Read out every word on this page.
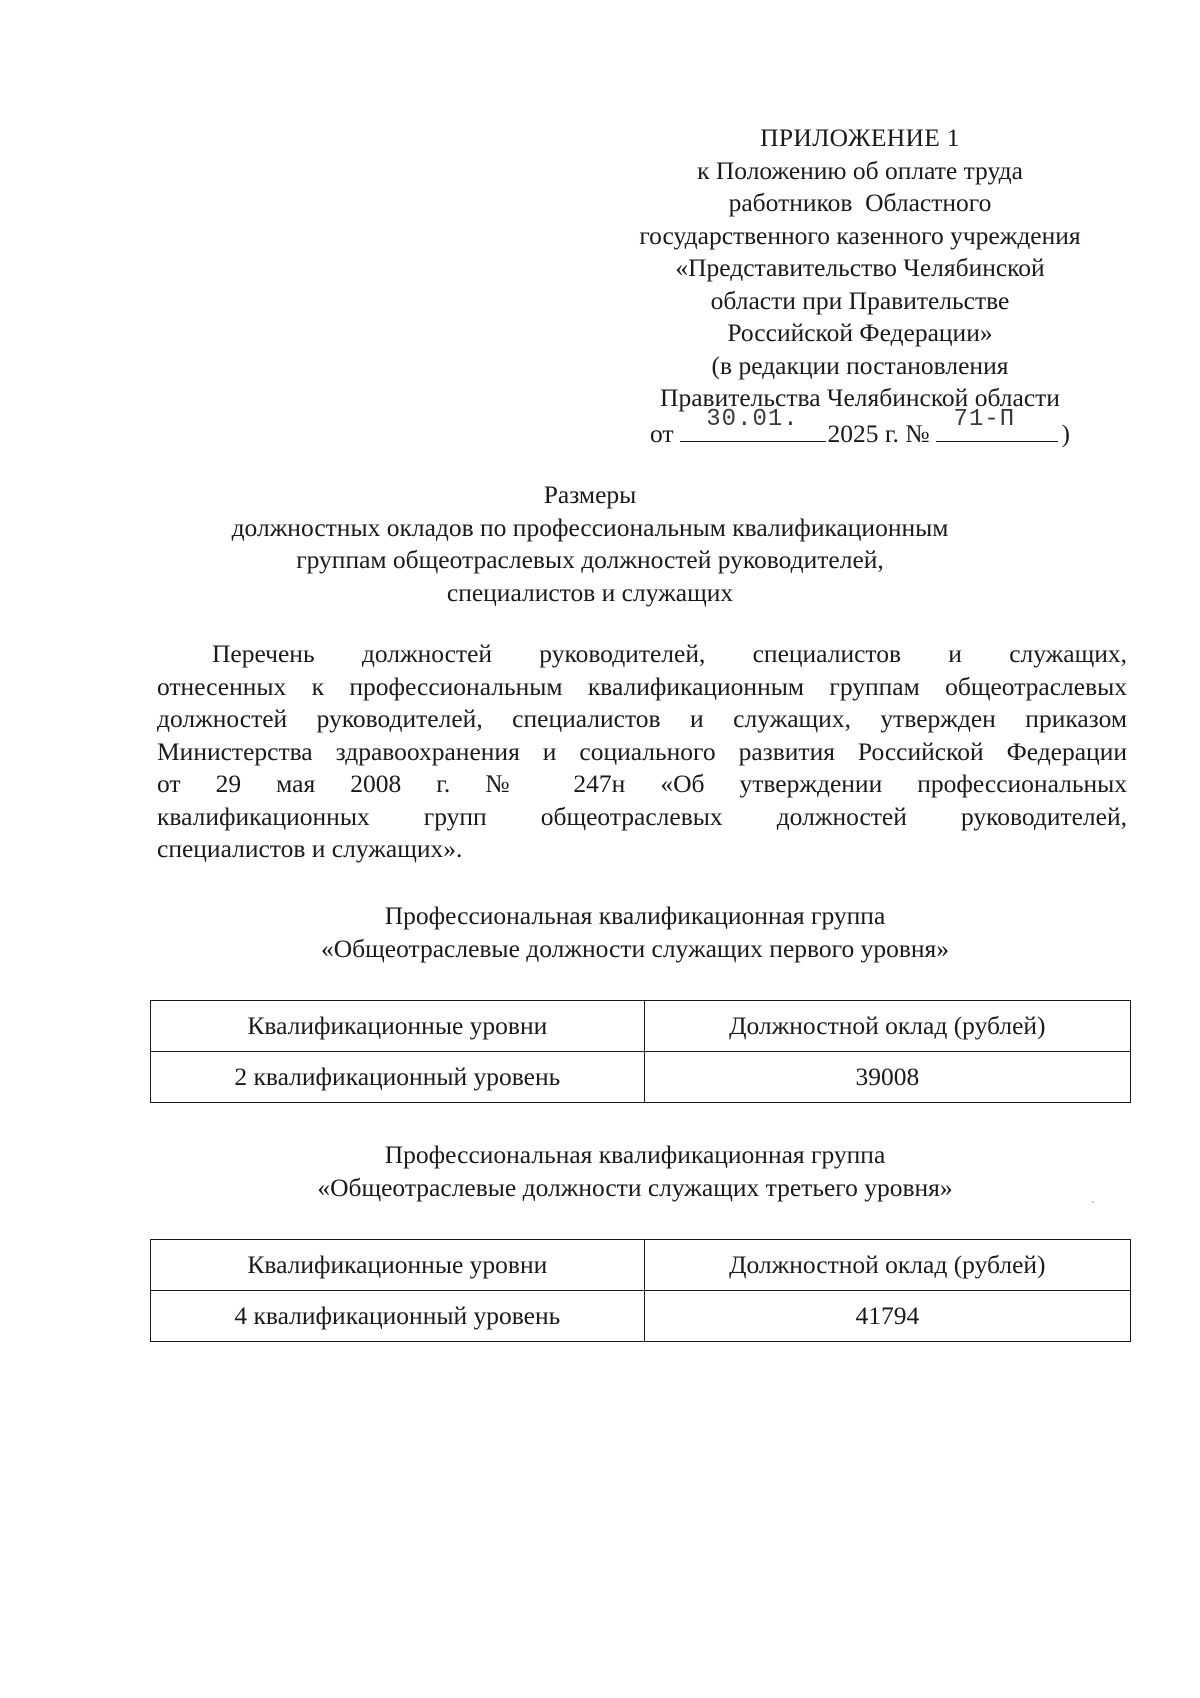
ПРИЛОЖЕНИЕ 1
к Положению об оплате труда
работников  Областного
государственного казенного учреждения
«Представительство Челябинской
области при Правительстве
Российской Федерации»
(в редакции постановления
Правительства Челябинской области
от	30.01.	2025 г. №	71-П	)
Размеры
должностных окладов по профессиональным квалификационным
группам общеотраслевых должностей руководителей,
специалистов и служащих
Перечень должностей руководителей, специалистов и служащих,
отнесенных к профессиональным квалификационным группам общеотраслевых
должностей руководителей, специалистов и служащих, утвержден приказом
Министерства здравоохранения и социального развития Российской Федерации
от 29 мая 2008 г. № 247н «Об утверждении профессиональных
квалификационных групп общеотраслевых должностей руководителей,
специалистов и служащих».
Профессиональная квалификационная группа
«Общеотраслевые должности служащих первого уровня»
Квалификационные уровни	Должностной оклад (рублей)
2 квалификационный уровень	39008
Профессиональная квалификационная группа
«Общеотраслевые должности служащих третьего уровня»
Квалификационные уровни	Должностной оклад (рублей)
4 квалификационный уровень	41794
